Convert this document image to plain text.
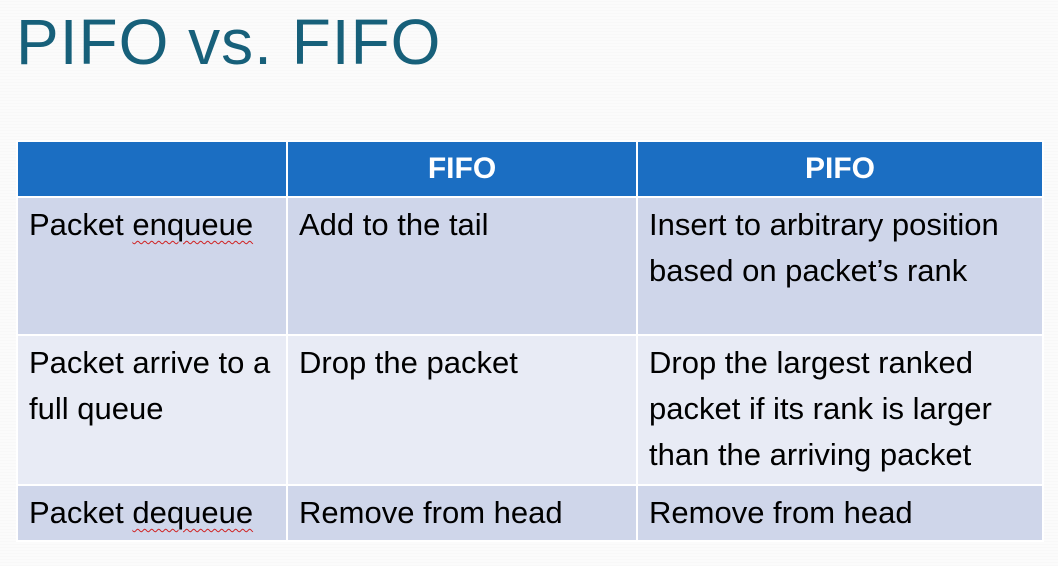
PIFO vs. FIFO
	FIFO	PIFO
Packet enqueue	Add to the tail	Insert to arbitrary position based on packet’s rank

Packet arrive to a full queue	Drop the packet	Drop the largest ranked packet if its rank is larger than the arriving packet

Packet dequeue	Remove from head	Remove from head
